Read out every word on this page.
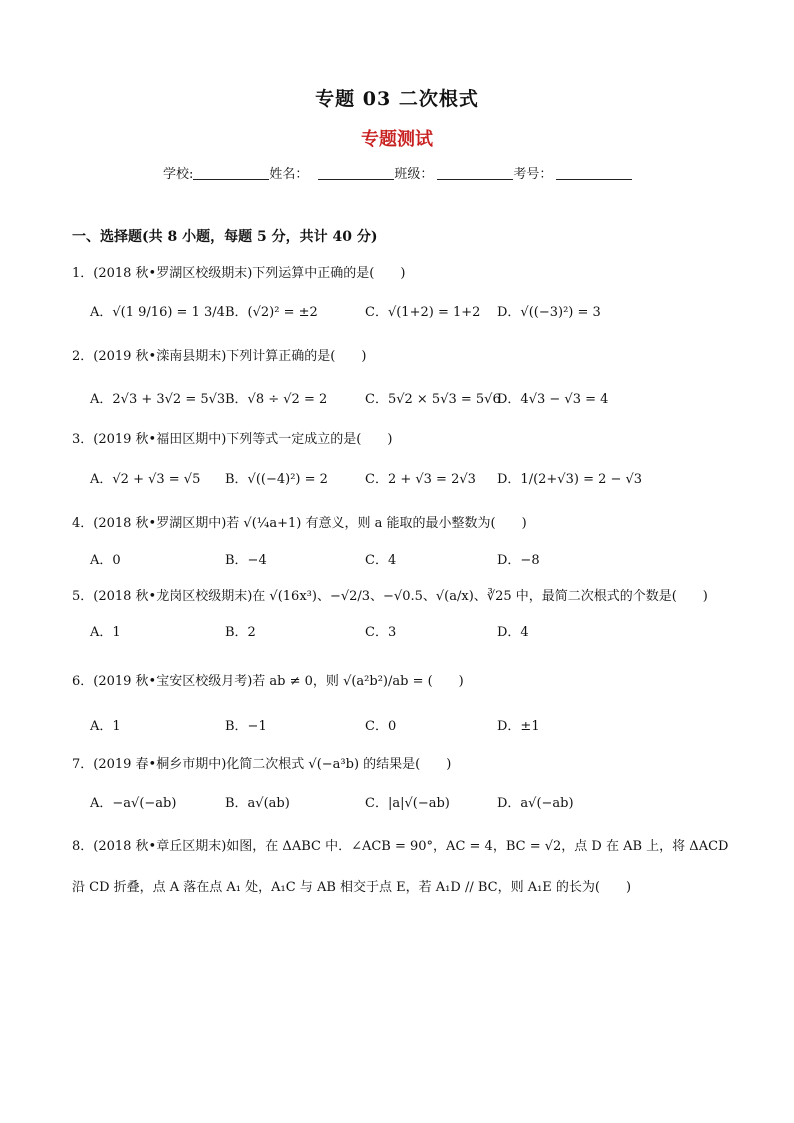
专题 03 二次根式
专题测试
学校:	姓名：	班级：	考号：
一、选择题(共 8 小题，每题 5 分，共计 40 分)
1．(2018 秋•罗湖区校级期末)下列运算中正确的是(　　)
A．√(1 9/16) = 1 3/4 B．(√2)² = ±2	C．√(1+2) = 1+2 D．√((−3)²) = 3
2．(2019 秋•滦南县期末)下列计算正确的是(　　)
A．2√3 + 3√2 = 5√3 B．√8 ÷ √2 = 2	C．5√2 × 5√3 = 5√6
D．4√3 − √3 = 4
3．(2019 秋•福田区期中)下列等式一定成立的是(　　)
A．√2 + √3 = √5 B．√((−4)²) = 2	C．2 + √3 = 2√3 D．1/(2+√3) = 2 − √3
4．(2018 秋•罗湖区期中)若 √(¼a+1) 有意义，则 a 能取的最小整数为(　　)
A．0	B．−4	C．4	D．−8
5．(2018 秋•龙岗区校级期末)在 √(16x³)、−√2/3、−√0.5、√(a/x)、∛25 中，最简二次根式的个数是(　　)
A．1	B．2	C．3	D．4
6．(2019 秋•宝安区校级月考)若 ab ≠ 0，则 √(a²b²)/ab = (　　)
A．1	B．−1	C．0	D．±1
7．(2019 春•桐乡市期中)化简二次根式 √(−a³b) 的结果是(　　)
A．−a√(−ab)	B．a√(ab)	C．|a|√(−ab)	D．a√(−ab)
8．(2018 秋•章丘区期末)如图，在 ΔABC 中．∠ACB = 90°，AC = 4，BC = √2，点 D 在 AB 上，将 ΔACD
沿 CD 折叠，点 A 落在点 A₁ 处，A₁C 与 AB 相交于点 E，若 A₁D // BC，则 A₁E 的长为(　　)
